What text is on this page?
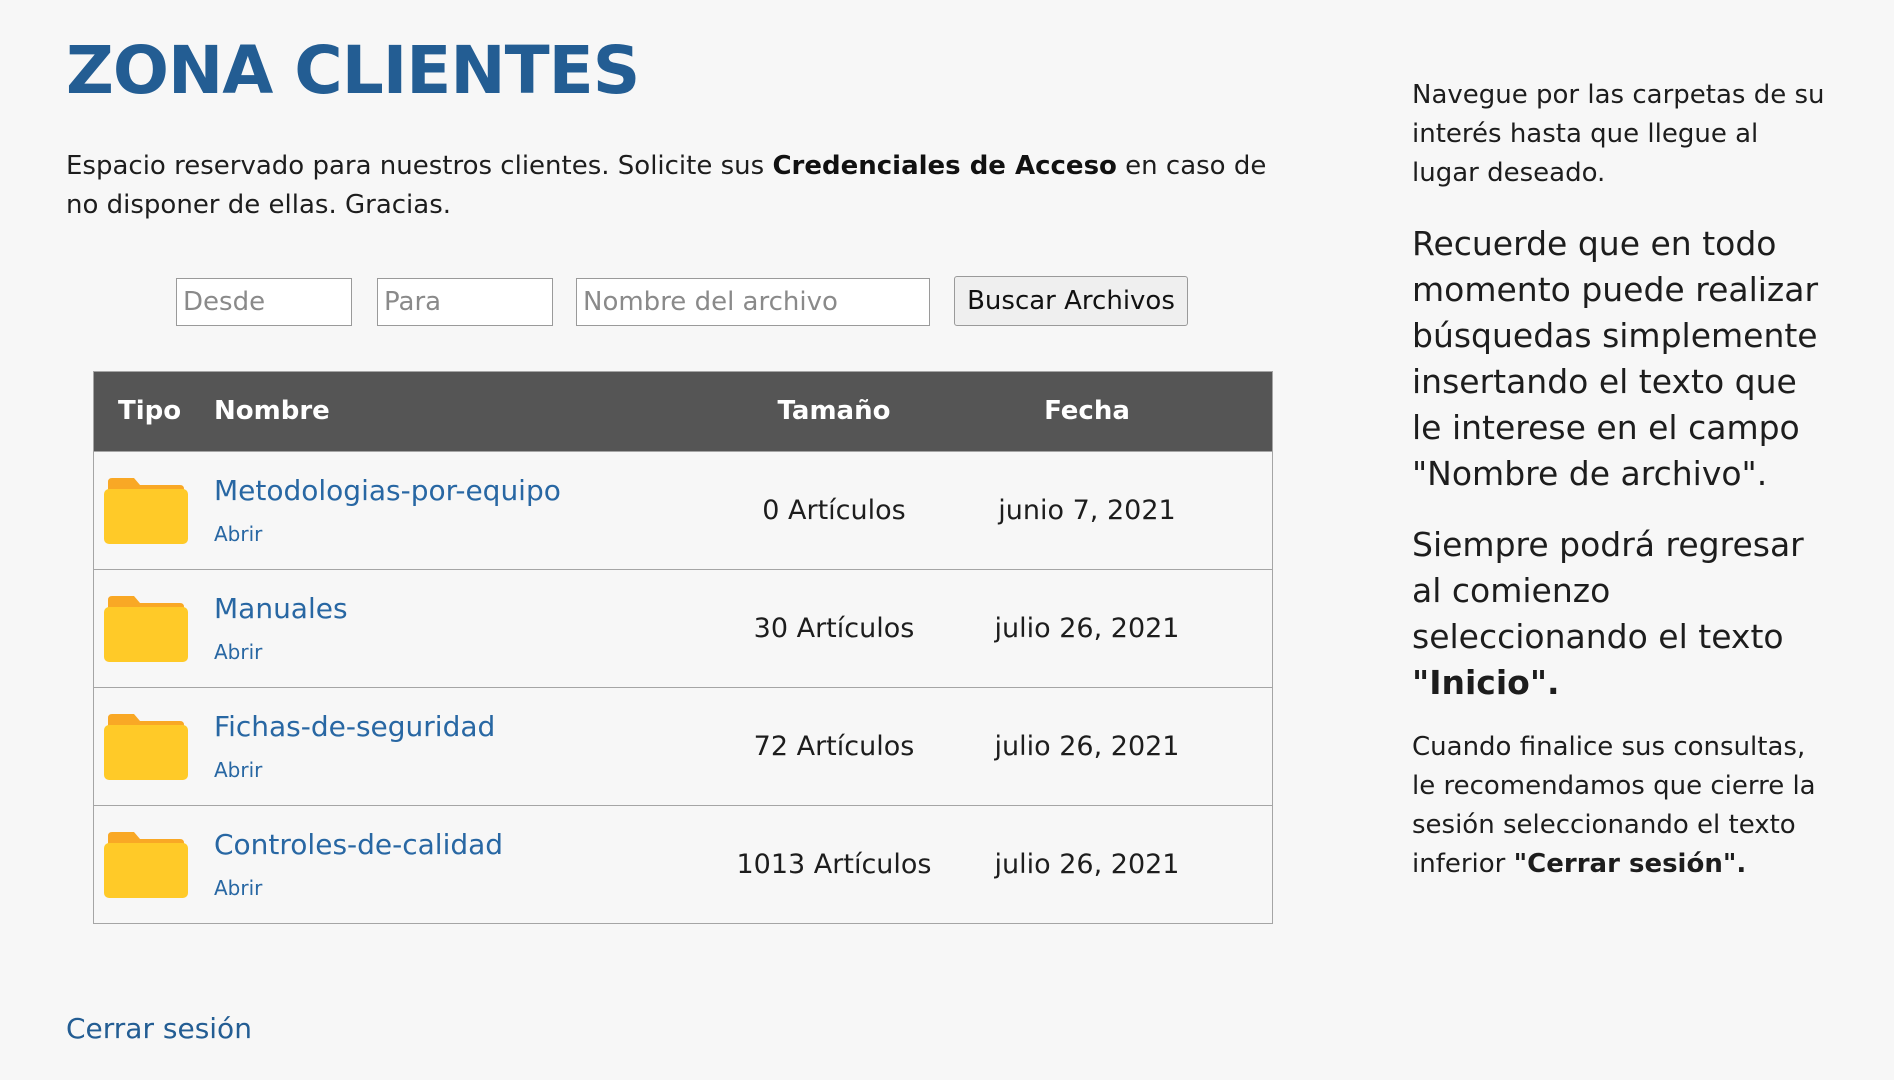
ZONA CLIENTES

Espacio reservado para nuestros clientes. Solicite sus Credenciales de Acceso en caso de no disponer de ellas. Gracias.

Desde
Para
Nombre del archivo
Buscar Archivos
Tipo Nombre	Tamaño	Fecha
Metodologias-por-equipo
Abrir
0 Artículos	junio 7, 2021
Manuales
Abrir
30 Artículos	julio 26, 2021
Fichas-de-seguridad
Abrir
72 Artículos	julio 26, 2021
Controles-de-calidad
Abrir
1013 Artículos julio 26, 2021
Cerrar sesión

Navegue por las carpetas de su interés hasta que llegue al lugar deseado.

Recuerde que en todo momento puede realizar búsquedas simplemente insertando el texto que le interese en el campo "Nombre de archivo".

Siempre podrá regresar al comienzo seleccionando el texto "Inicio".

Cuando finalice sus consultas, le recomendamos que cierre la sesión seleccionando el texto inferior "Cerrar sesión".
